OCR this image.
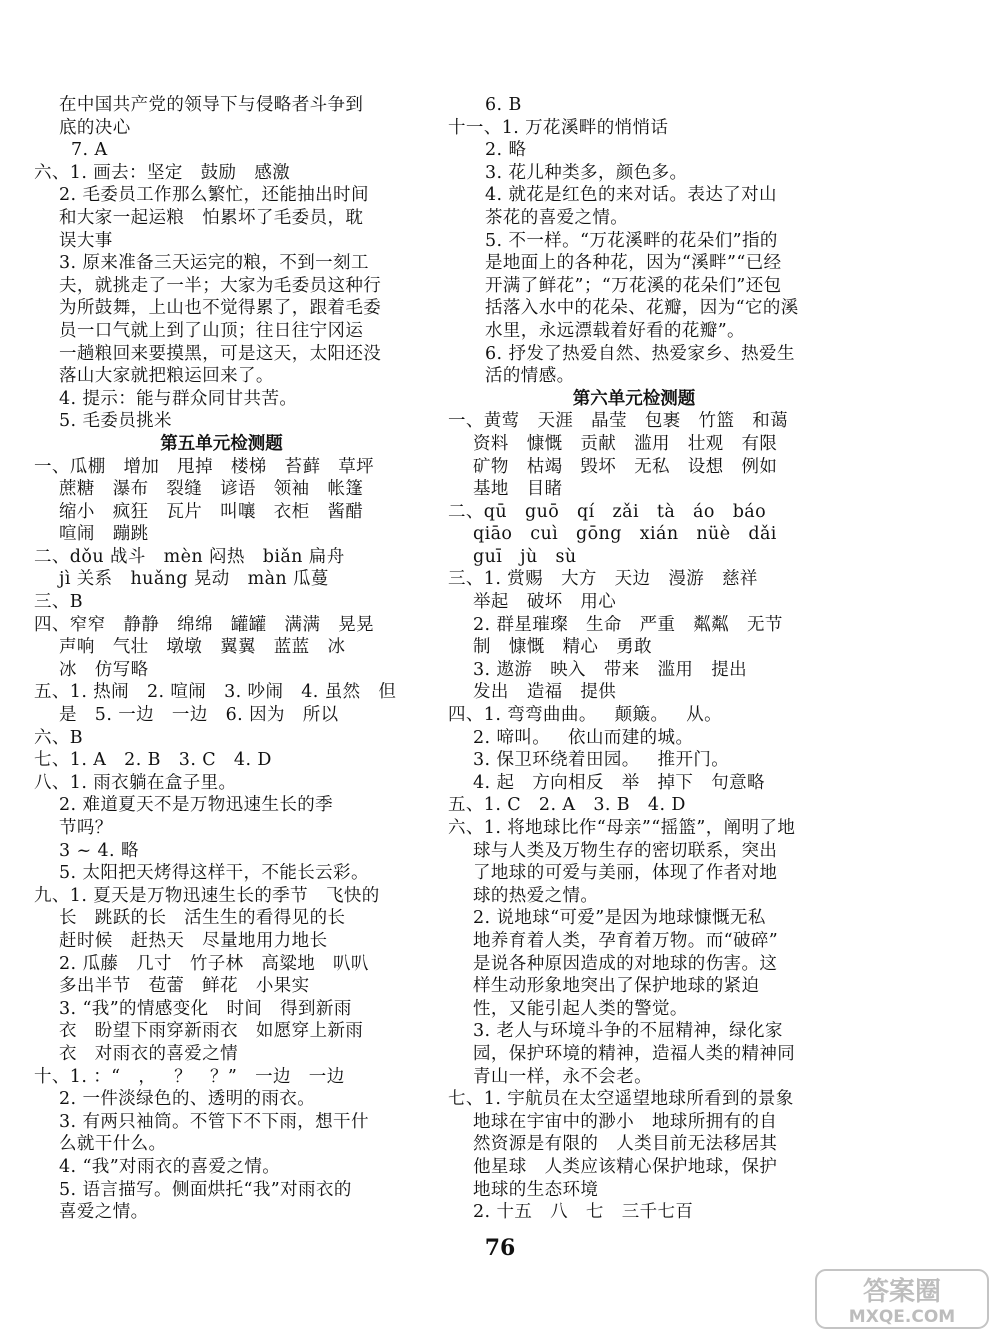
在中国共产党的领导下与侵略者斗争到
底的决心
7. A
六、1. 画去：坚定   鼓励   感激
2. 毛委员工作那么繁忙，还能抽出时间
和大家一起运粮   怕累坏了毛委员，耽
误大事
3. 原来准备三天运完的粮，不到一刻工
夫，就挑走了一半；大家为毛委员这种行
为所鼓舞，上山也不觉得累了，跟着毛委
员一口气就上到了山顶；往日往宁冈运
一趟粮回来要摸黑，可是这天，太阳还没
落山大家就把粮运回来了。
4. 提示：能与群众同甘共苦。
5. 毛委员挑米
第五单元检测题
一、瓜棚   增加   甩掉   楼梯   苔藓   草坪
蔗糖   瀑布   裂缝   谚语   领袖   帐篷
缩小   疯狂   瓦片   叫嚷   衣柜   酱醋
喧闹   蹦跳
二、dǒu 战斗   mèn 闷热   biǎn 扁舟
jì 关系   huǎng 晃动   màn 瓜蔓
三、B
四、窄窄   静静   绵绵   罐罐   满满   晃晃
声响   气壮   墩墩   翼翼   蓝蓝   冰
冰   仿写略
五、1. 热闹   2. 喧闹   3. 吵闹   4. 虽然   但
是   5. 一边   一边   6. 因为   所以
六、B
七、1. A   2. B   3. C   4. D
八、1. 雨衣躺在盒子里。
2. 难道夏天不是万物迅速生长的季
节吗？
3 ~ 4. 略
5. 太阳把天烤得这样干，不能长云彩。
九、1. 夏天是万物迅速生长的季节   飞快的
长   跳跃的长   活生生的看得见的长
赶时候   赶热天   尽量地用力地长
2. 瓜藤   几寸   竹子林   高粱地   叭叭
多出半节   苞蕾   鲜花   小果实
3. “我”的情感变化   时间   得到新雨
衣   盼望下雨穿新雨衣   如愿穿上新雨
衣   对雨衣的喜爱之情
十、1. ：“   ，   ？   ？”   一边   一边
2. 一件淡绿色的、透明的雨衣。
3. 有两只袖筒。不管下不下雨，想干什
么就干什么。
4. “我”对雨衣的喜爱之情。
5. 语言描写。侧面烘托“我”对雨衣的
喜爱之情。
6. B
十一、1. 万花溪畔的悄悄话
2. 略
3. 花儿种类多，颜色多。
4. 就花是红色的来对话。表达了对山
茶花的喜爱之情。
5. 不一样。“万花溪畔的花朵们”指的
是地面上的各种花，因为“溪畔”“已经
开满了鲜花”；“万花溪的花朵们”还包
括落入水中的花朵、花瓣，因为“它的溪
水里，永远漂载着好看的花瓣”。
6. 抒发了热爱自然、热爱家乡、热爱生
活的情感。
第六单元检测题
一、黄莺   天涯   晶莹   包裹   竹篮   和蔼
资料   慷慨   贡献   滥用   壮观   有限
矿物   枯竭   毁坏   无私   设想   例如
基地   目睹
二、qū   guō   qí   zǎi   tà   áo   báo
qiāo   cuì   gōng   xián   nüè   dǎi
guī   jù   sù
三、1. 赏赐   大方   天边   漫游   慈祥
举起   破坏   用心
2. 群星璀璨   生命   严重   粼粼   无节
制   慷慨   精心   勇敢
3. 遨游   映入   带来   滥用   提出
发出   造福   提供
四、1. 弯弯曲曲。   颠簸。   从。
2. 啼叫。   依山而建的城。
3. 保卫环绕着田园。   推开门。
4. 起   方向相反   举   掉下   句意略
五、1. C   2. A   3. B   4. D
六、1. 将地球比作“母亲”“摇篮”，阐明了地
球与人类及万物生存的密切联系，突出
了地球的可爱与美丽，体现了作者对地
球的热爱之情。
2. 说地球“可爱”是因为地球慷慨无私
地养育着人类，孕育着万物。而“破碎”
是说各种原因造成的对地球的伤害。这
样生动形象地突出了保护地球的紧迫
性，又能引起人类的警觉。
3. 老人与环境斗争的不屈精神，绿化家
园，保护环境的精神，造福人类的精神同
青山一样，永不会老。
七、1. 宇航员在太空遥望地球所看到的景象
地球在宇宙中的渺小   地球所拥有的自
然资源是有限的   人类目前无法移居其
他星球   人类应该精心保护地球，保护
地球的生态环境
2. 十五   八   七   三千七百
76
答案圈
MXQE.COM
